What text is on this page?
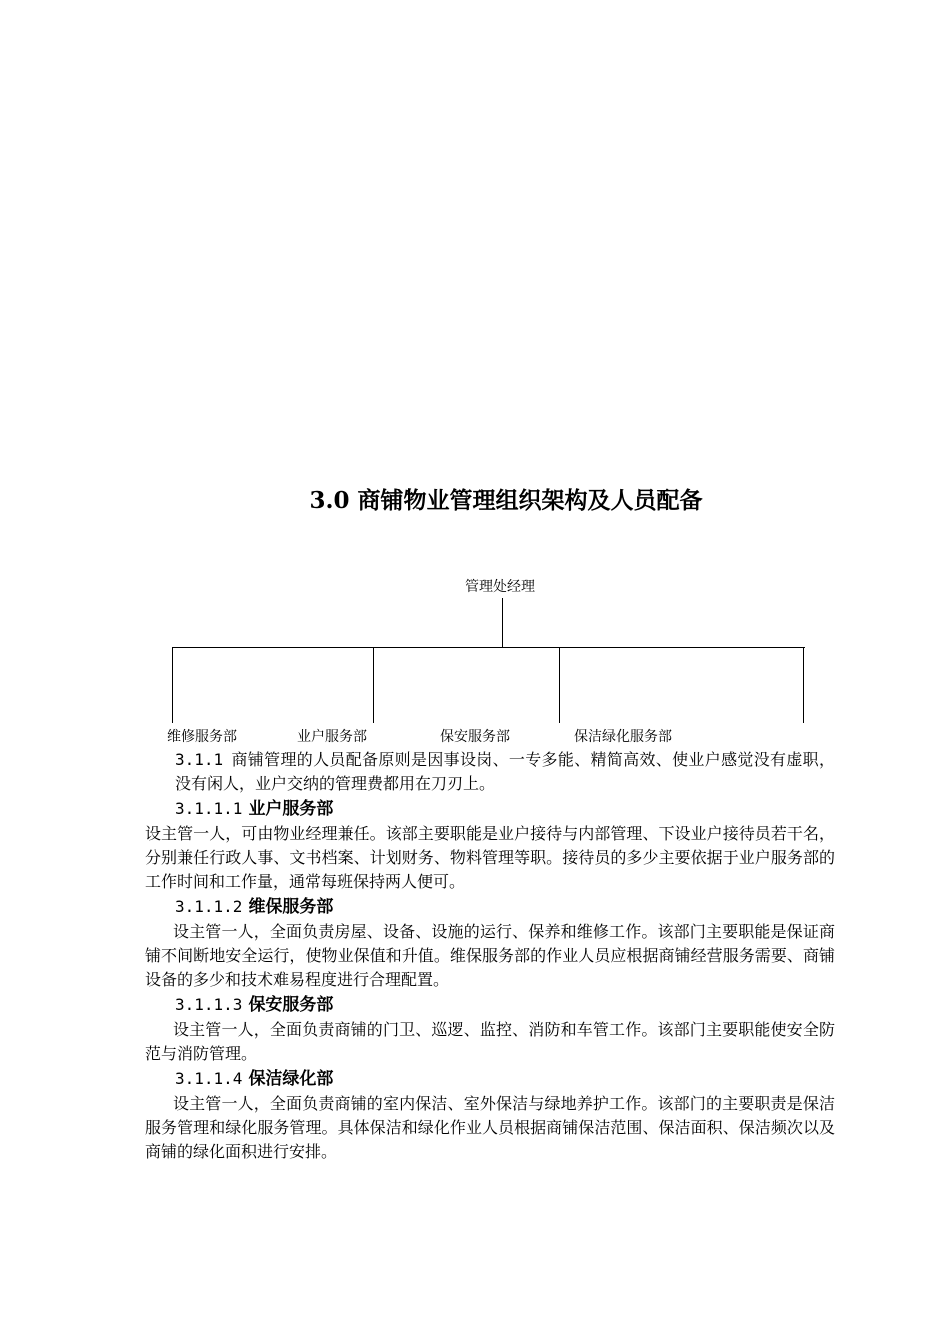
3.0 商铺物业管理组织架构及人员配备
管理处经理
维修服务部	业户服务部	保安服务部	保洁绿化服务部

3.1.1 商铺管理的人员配备原则是因事设岗、一专多能、精简高效、使业户感觉没有虚职，没有闲人，业户交纳的管理费都用在刀刃上。

3.1.1.1 业户服务部

设主管一人，可由物业经理兼任。该部主要职能是业户接待与内部管理、下设业户接待员若干名，分别兼任行政人事、文书档案、计划财务、物料管理等职。接待员的多少主要依据于业户服务部的工作时间和工作量，通常每班保持两人便可。

3.1.1.2 维保服务部

设主管一人，全面负责房屋、设备、设施的运行、保养和维修工作。该部门主要职能是保证商铺不间断地安全运行，使物业保值和升值。维保服务部的作业人员应根据商铺经营服务需要、商铺设备的多少和技术难易程度进行合理配置。

3.1.1.3 保安服务部

设主管一人，全面负责商铺的门卫、巡逻、监控、消防和车管工作。该部门主要职能使安全防范与消防管理。

3.1.1.4 保洁绿化部

设主管一人，全面负责商铺的室内保洁、室外保洁与绿地养护工作。该部门的主要职责是保洁服务管理和绿化服务管理。具体保洁和绿化作业人员根据商铺保洁范围、保洁面积、保洁频次以及商铺的绿化面积进行安排。
